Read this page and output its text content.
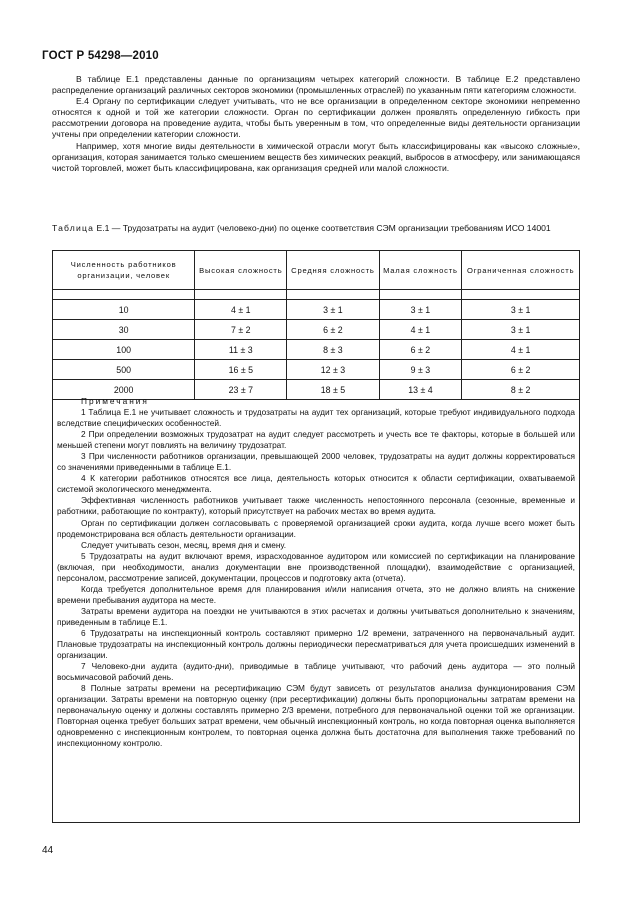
ГОСТ Р 54298—2010

В таблице Е.1 представлены данные по организациям четырех категорий сложности. В таблице Е.2 представлено распределение организаций различных секторов экономики (промышленных отраслей) по указанным пяти категориям сложности.

Е.4 Органу по сертификации следует учитывать, что не все организации в определенном секторе экономики непременно относятся к одной и той же категории сложности. Орган по сертификации должен проявлять определенную гибкость при рассмотрении договора на проведение аудита, чтобы быть уверенным в том, что определенные виды деятельности организации учтены при определении категории сложности.

Например, хотя многие виды деятельности в химической отрасли могут быть классифицированы как «высоко сложные», организация, которая занимается только смешением веществ без химических реакций, выбросов в атмосферу, или занимающаяся чистой торговлей, может быть классифицирована, как организация средней или малой сложности.

Таблица Е.1 — Трудозатраты на аудит (человеко-дни) по оценке соответствия СЭМ организации требованиям ИСО 14001
Численность работников организации, человек	Высокая сложность	Средняя сложность	Малая сложность	Ограниченная сложность

10	4 ± 1	3 ± 1	3 ± 1	3 ± 1
30	7 ± 2	6 ± 2	4 ± 1	3 ± 1
100	11 ± 3	8 ± 3	6 ± 2	4 ± 1
500	16 ± 5	12 ± 3	9 ± 3	6 ± 2
2000	23 ± 7	18 ± 5	13 ± 4	8 ± 2

Примечания

1 Таблица Е.1 не учитывает сложность и трудозатраты на аудит тех организаций, которые требуют индивидуального подхода вследствие специфических особенностей.

2 При определении возможных трудозатрат на аудит следует рассмотреть и учесть все те факторы, которые в большей или меньшей степени могут повлиять на величину трудозатрат.

3 При численности работников организации, превышающей 2000 человек, трудозатраты на аудит должны корректироваться со значениями приведенными в таблице Е.1.

4 К категории работников относятся все лица, деятельность которых относится к области сертификации, охватываемой системой экологического менеджмента.

Эффективная численность работников учитывает также численность непостоянного персонала (сезонные, временные и работники, работающие по контракту), который присутствует на рабочих местах во время аудита.

Орган по сертификации должен согласовывать с проверяемой организацией сроки аудита, когда лучше всего может быть продемонстрирована вся область деятельности организации.

Следует учитывать сезон, месяц, время дня и смену.

5 Трудозатраты на аудит включают время, израсходованное аудитором или комиссией по сертификации на планирование (включая, при необходимости, анализ документации вне производственной площадки), взаимодействие с организацией, персоналом, рассмотрение записей, документации, процессов и подготовку акта (отчета).

Когда требуется дополнительное время для планирования и/или написания отчета, это не должно влиять на снижение времени пребывания аудитора на месте.

Затраты времени аудитора на поездки не учитываются в этих расчетах и должны учитываться дополнительно к значениям, приведенным в таблице Е.1.

6 Трудозатраты на инспекционный контроль составляют примерно 1/2 времени, затраченного на первоначальный аудит. Плановые трудозатраты на инспекционный контроль должны периодически пересматриваться для учета происшедших изменений в организации.

7 Человеко-дни аудита (аудито-дни), приводимые в таблице учитывают, что рабочий день аудитора — это полный восьмичасовой рабочий день.

8 Полные затраты времени на ресертификацию СЭМ будут зависеть от результатов анализа функционирования СЭМ организации. Затраты времени на повторную оценку (при ресертификации) должны быть пропорциональны затратам времени на первоначальную оценку и должны составлять примерно 2/3 времени, потребного для первоначальной оценки той же организации. Повторная оценка требует больших затрат времени, чем обычный инспекционный контроль, но когда повторная оценка выполняется одновременно с инспекционным контролем, то повторная оценка должна быть достаточна для выполнения также требований по инспекционному контролю.

44
